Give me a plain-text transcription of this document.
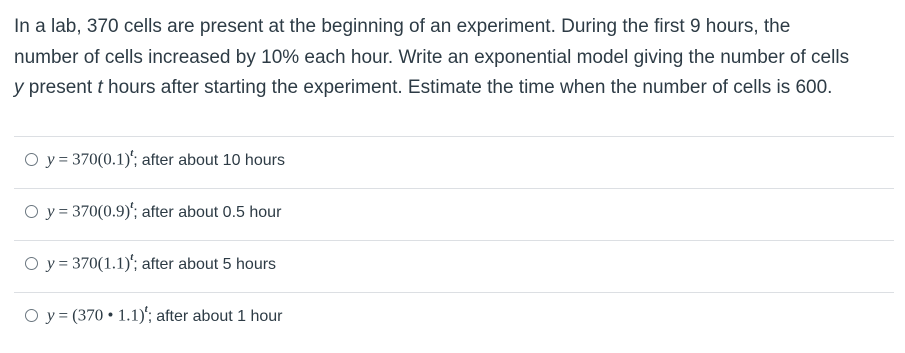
In a lab, 370 cells are present at the beginning of an experiment. During the first 9 hours, the
number of cells increased by 10% each hour. Write an exponential model giving the number of cells
y present t hours after starting the experiment. Estimate the time when the number of cells is 600.
$y = 370(0.1)^t$ ; after about 10 hours
$y = 370(0.9)^t$ ; after about 0.5 hour
$y = 370(1.1)^t$ ; after about 5 hours
y = (370 • 1.1)$^t$ ; after about 1 hour
